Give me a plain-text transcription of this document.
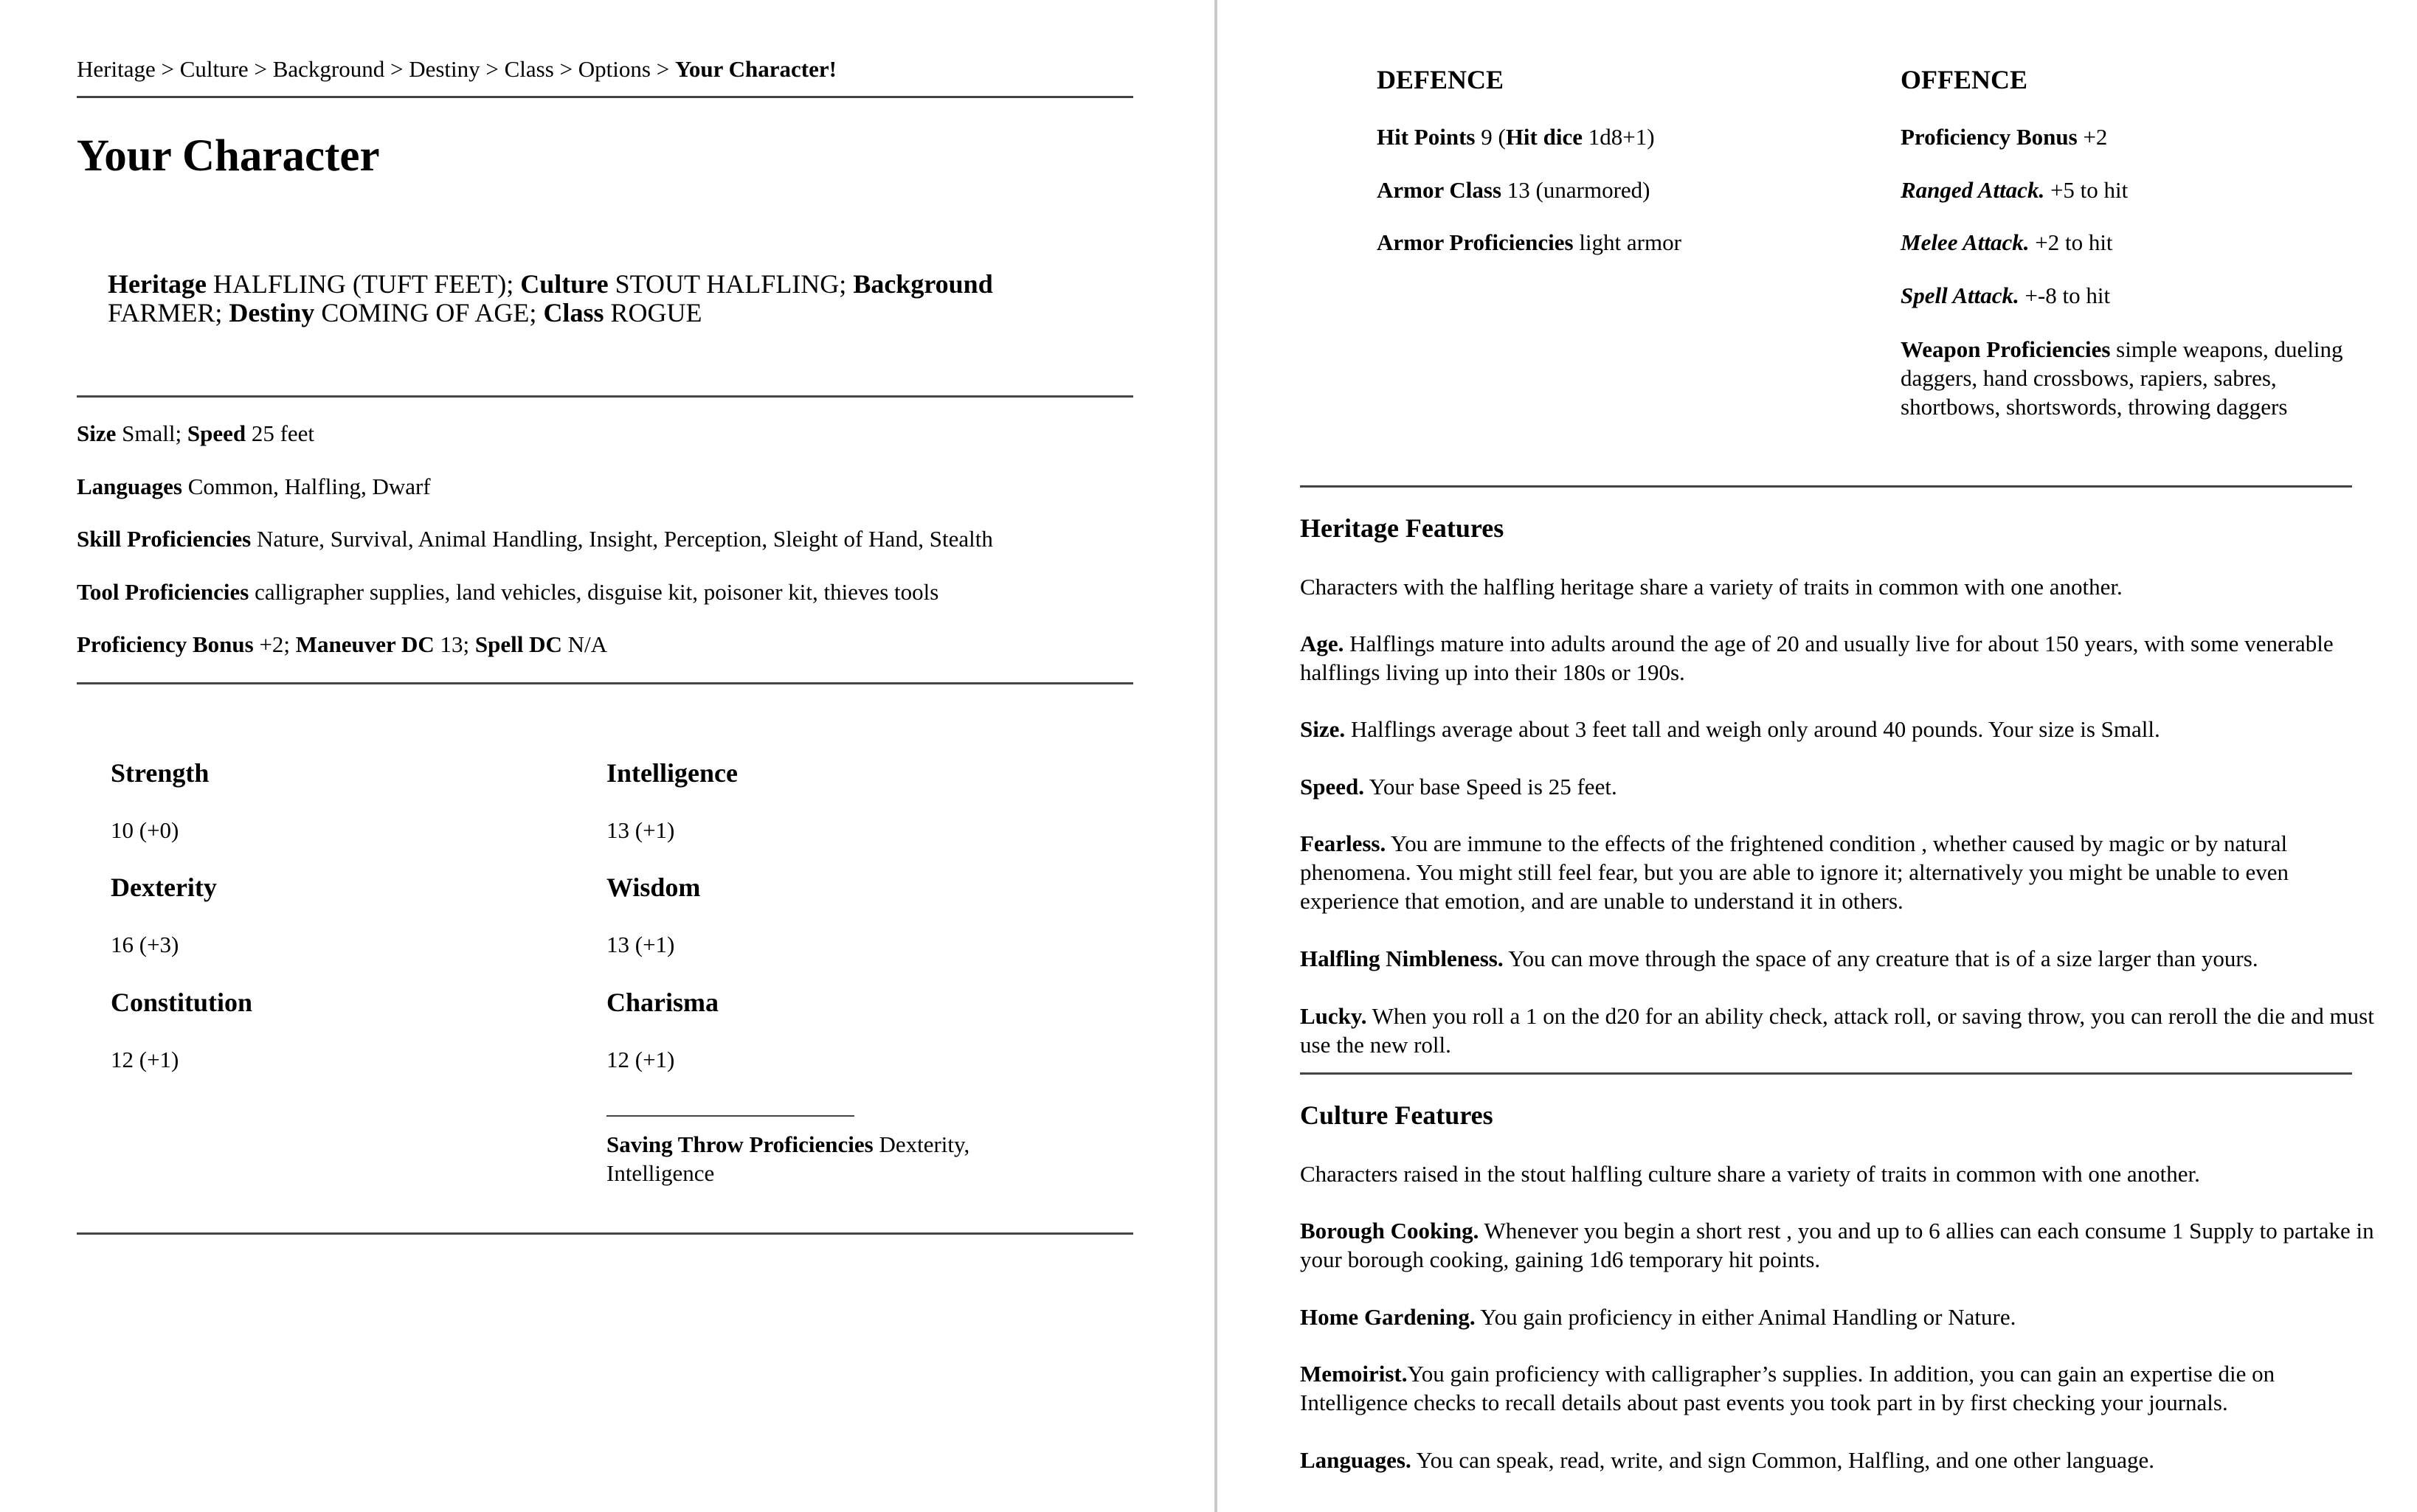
Heritage > Culture > Background > Destiny > Class > Options > Your Character!
Your Character
Heritage HALFLING (TUFT FEET); Culture STOUT HALFLING; Background FARMER; Destiny COMING OF AGE; Class ROGUE
Size Small; Speed 25 feet
Languages Common, Halfling, Dwarf
Skill Proficiencies Nature, Survival, Animal Handling, Insight, Perception, Sleight of Hand, Stealth
Tool Proficiencies calligrapher supplies, land vehicles, disguise kit, poisoner kit, thieves tools
Proficiency Bonus +2; Maneuver DC 13; Spell DC N/A
Strength
10 (+0)
Dexterity
16 (+3)
Constitution
12 (+1)
Intelligence
13 (+1)
Wisdom
13 (+1)
Charisma
12 (+1)
Saving Throw Proficiencies Dexterity, Intelligence
DEFENCE
Hit Points 9 (Hit dice 1d8+1)
Armor Class 13 (unarmored)
Armor Proficiencies light armor
OFFENCE
Proficiency Bonus +2
Ranged Attack. +5 to hit
Melee Attack. +2 to hit
Spell Attack. +-8 to hit
Weapon Proficiencies simple weapons, dueling daggers, hand crossbows, rapiers, sabres, shortbows, shortswords, throwing daggers
Heritage Features
Characters with the halfling heritage share a variety of traits in common with one another.
Age. Halflings mature into adults around the age of 20 and usually live for about 150 years, with some venerable halflings living up into their 180s or 190s.
Size. Halflings average about 3 feet tall and weigh only around 40 pounds. Your size is Small.
Speed. Your base Speed is 25 feet.
Fearless. You are immune to the effects of the frightened condition , whether caused by magic or by natural phenomena. You might still feel fear, but you are able to ignore it; alternatively you might be unable to even experience that emotion, and are unable to understand it in others.
Halfling Nimbleness. You can move through the space of any creature that is of a size larger than yours.
Lucky. When you roll a 1 on the d20 for an ability check, attack roll, or saving throw, you can reroll the die and must use the new roll.
Culture Features
Characters raised in the stout halfling culture share a variety of traits in common with one another.
Borough Cooking. Whenever you begin a short rest , you and up to 6 allies can each consume 1 Supply to partake in your borough cooking, gaining 1d6 temporary hit points.
Home Gardening. You gain proficiency in either Animal Handling or Nature.
Memoirist.You gain proficiency with calligrapher’s supplies. In addition, you can gain an expertise die on Intelligence checks to recall details about past events you took part in by first checking your journals.
Languages. You can speak, read, write, and sign Common, Halfling, and one other language.
